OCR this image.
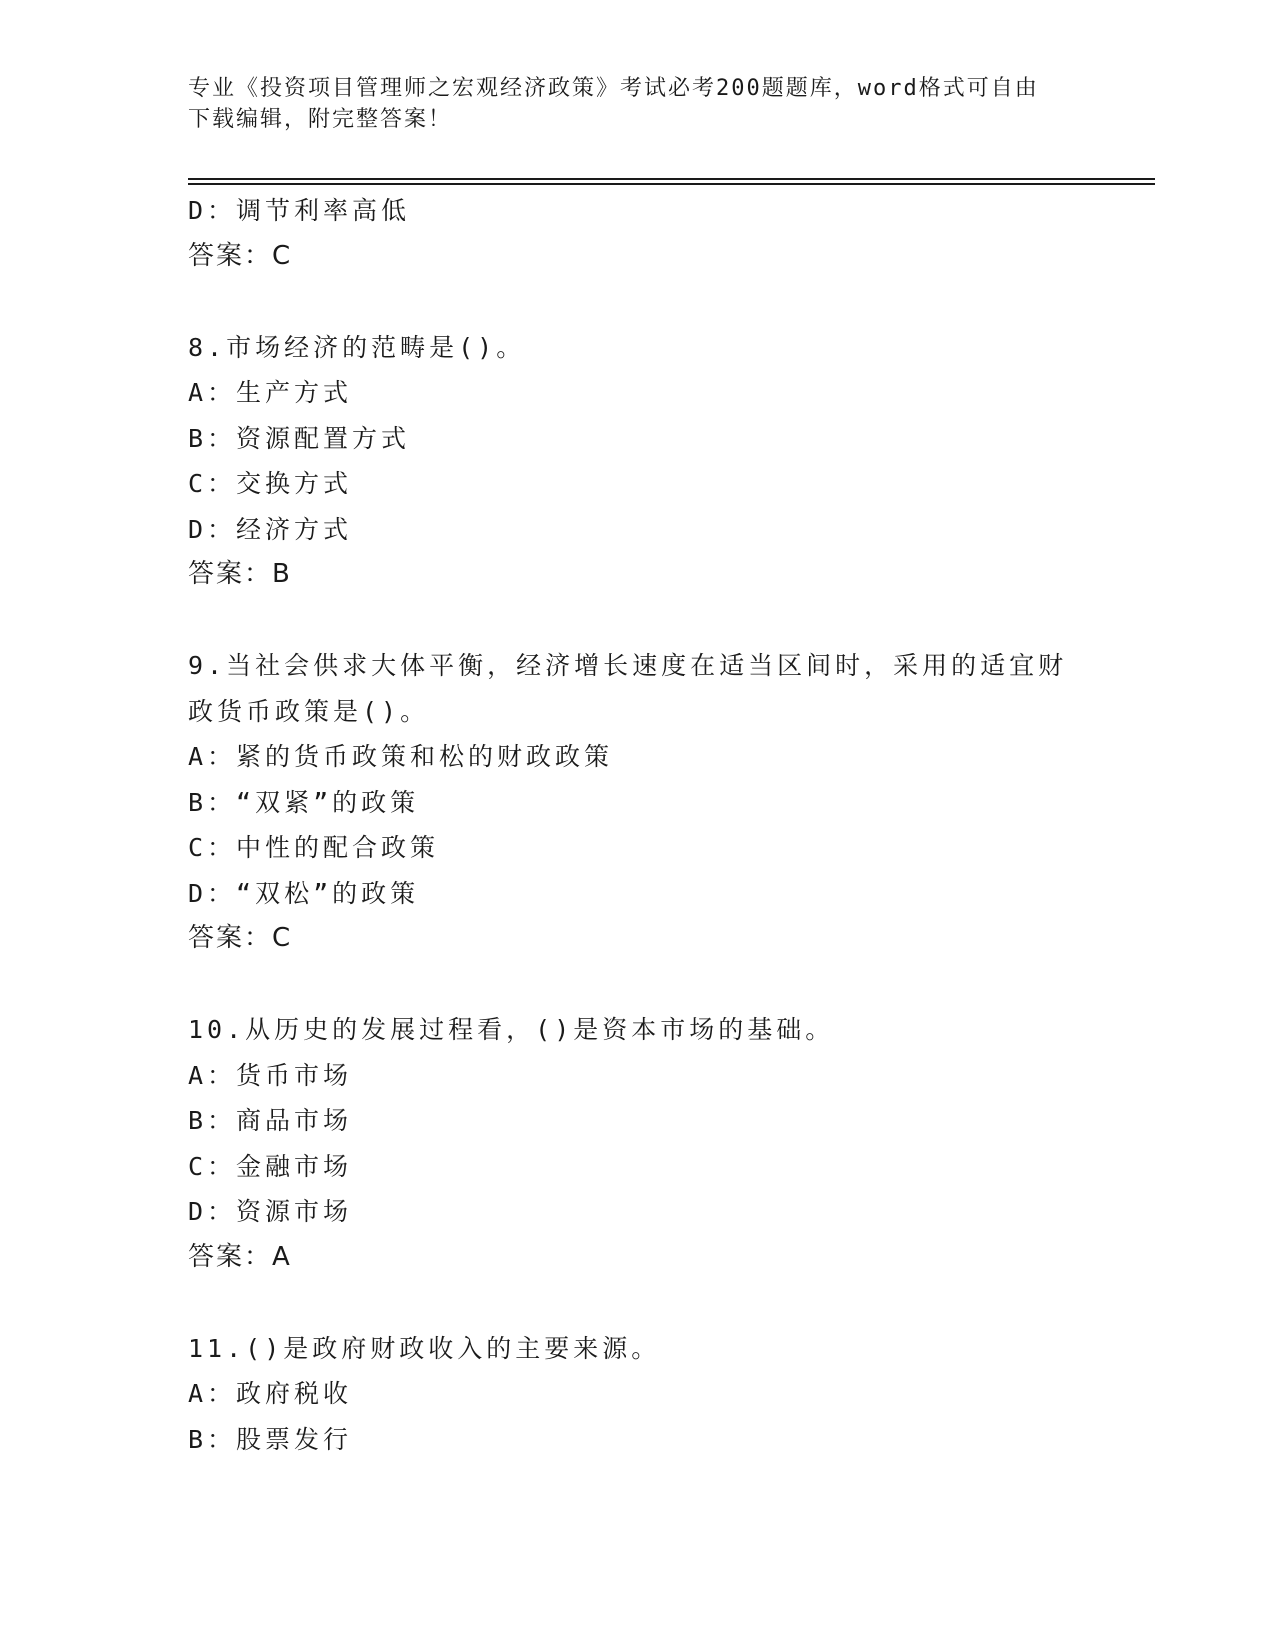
专业《投资项目管理师之宏观经济政策》考试必考200题题库，word格式可自由
下载编辑，附完整答案！
D：调节利率高低
答案：C
8.市场经济的范畴是()。
A：生产方式
B：资源配置方式
C：交换方式
D：经济方式
答案：B
9.当社会供求大体平衡，经济增长速度在适当区间时，采用的适宜财
政货币政策是()。
A：紧的货币政策和松的财政政策
B：“双紧”的政策
C：中性的配合政策
D：“双松”的政策
答案：C
10.从历史的发展过程看，()是资本市场的基础。
A：货币市场
B：商品市场
C：金融市场
D：资源市场
答案：A
11.()是政府财政收入的主要来源。
A：政府税收
B：股票发行
